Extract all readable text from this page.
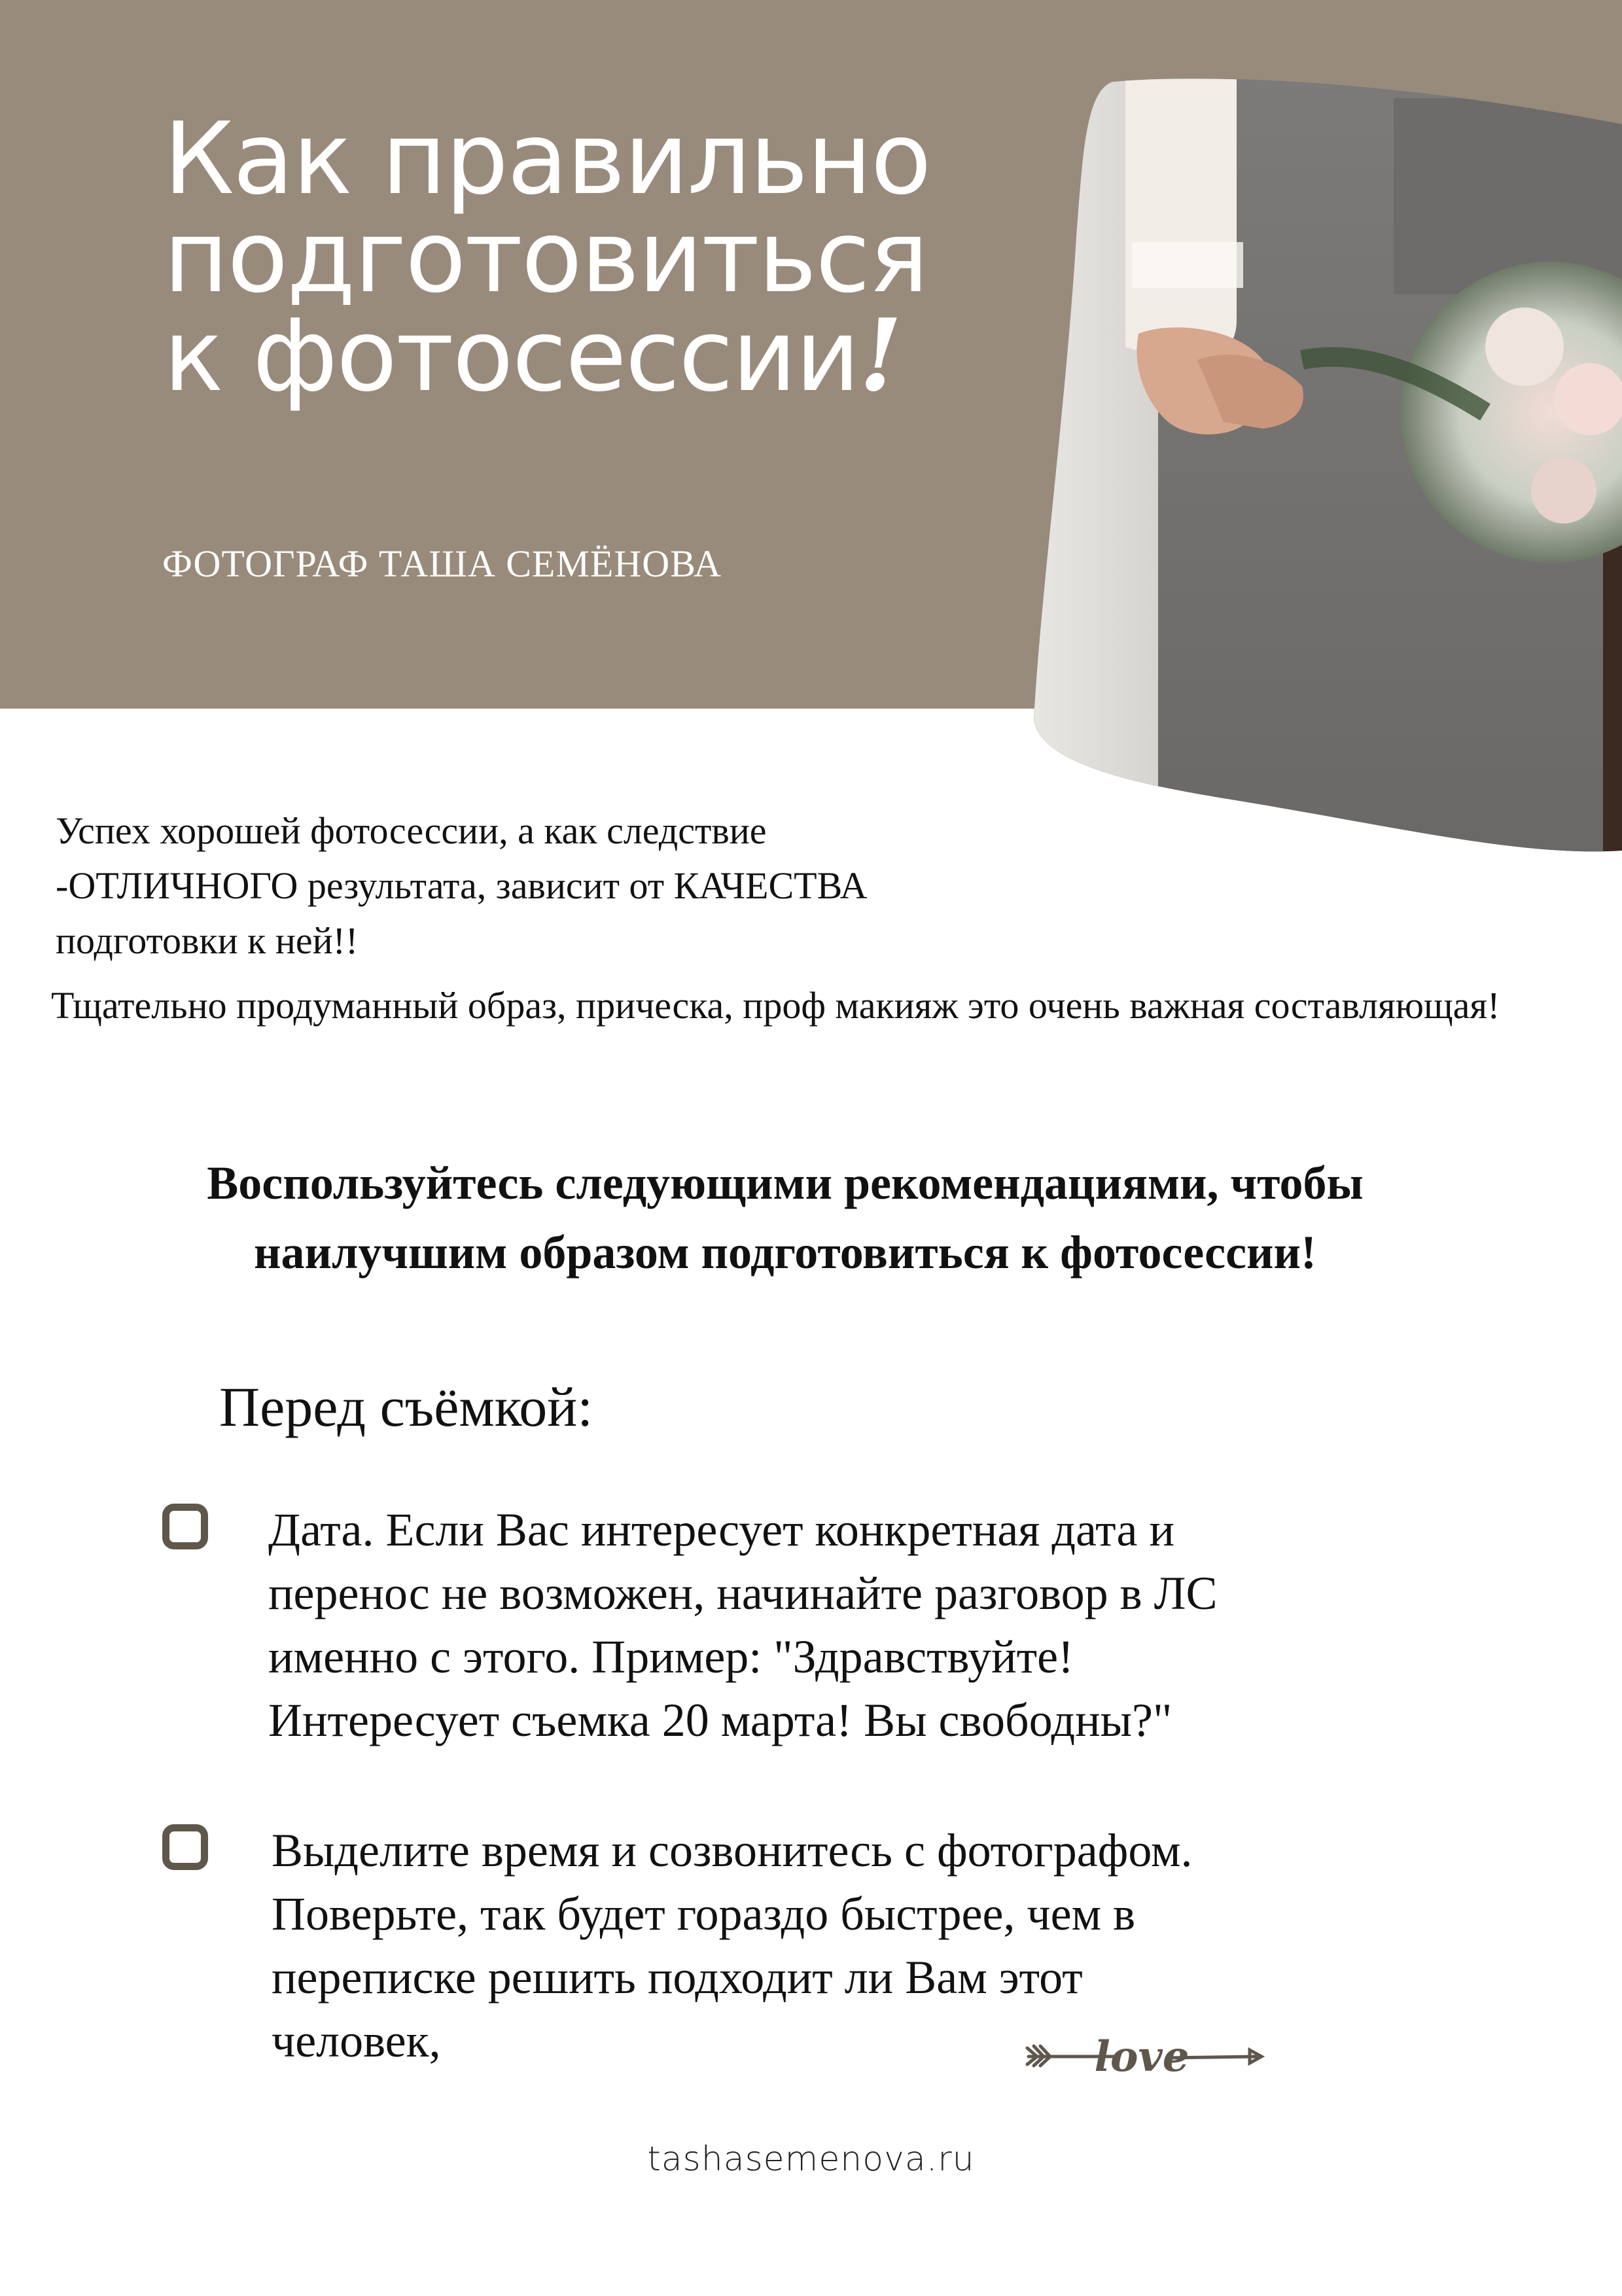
Как правильно
подготовиться
к фотосессии!
ФОТОГРАФ ТАША СЕМЁНОВА

Успех хорошей фотосессии, а как следствие

-ОТЛИЧНОГО результата, зависит от КАЧЕСТВА

подготовки к ней!!

Тщательно продуманный образ, прическа, проф макияж это очень важная составляющая!

Воспользуйтесь следующими рекомендациями, чтобы
наилучшим образом подготовиться к фотосессии!
Перед съёмкой:
Дата. Если Вас интересует конкретная дата и
перенос не возможен, начинайте разговор в ЛС
именно с этого. Пример: "Здравствуйте!
Интересует съемка 20 марта! Вы свободны?"
Выделите время и созвонитесь с фотографом.
Поверьте, так будет гораздо быстрее, чем в
переписке решить подходит ли Вам этот
человек,	love
tashasemenova.ru
